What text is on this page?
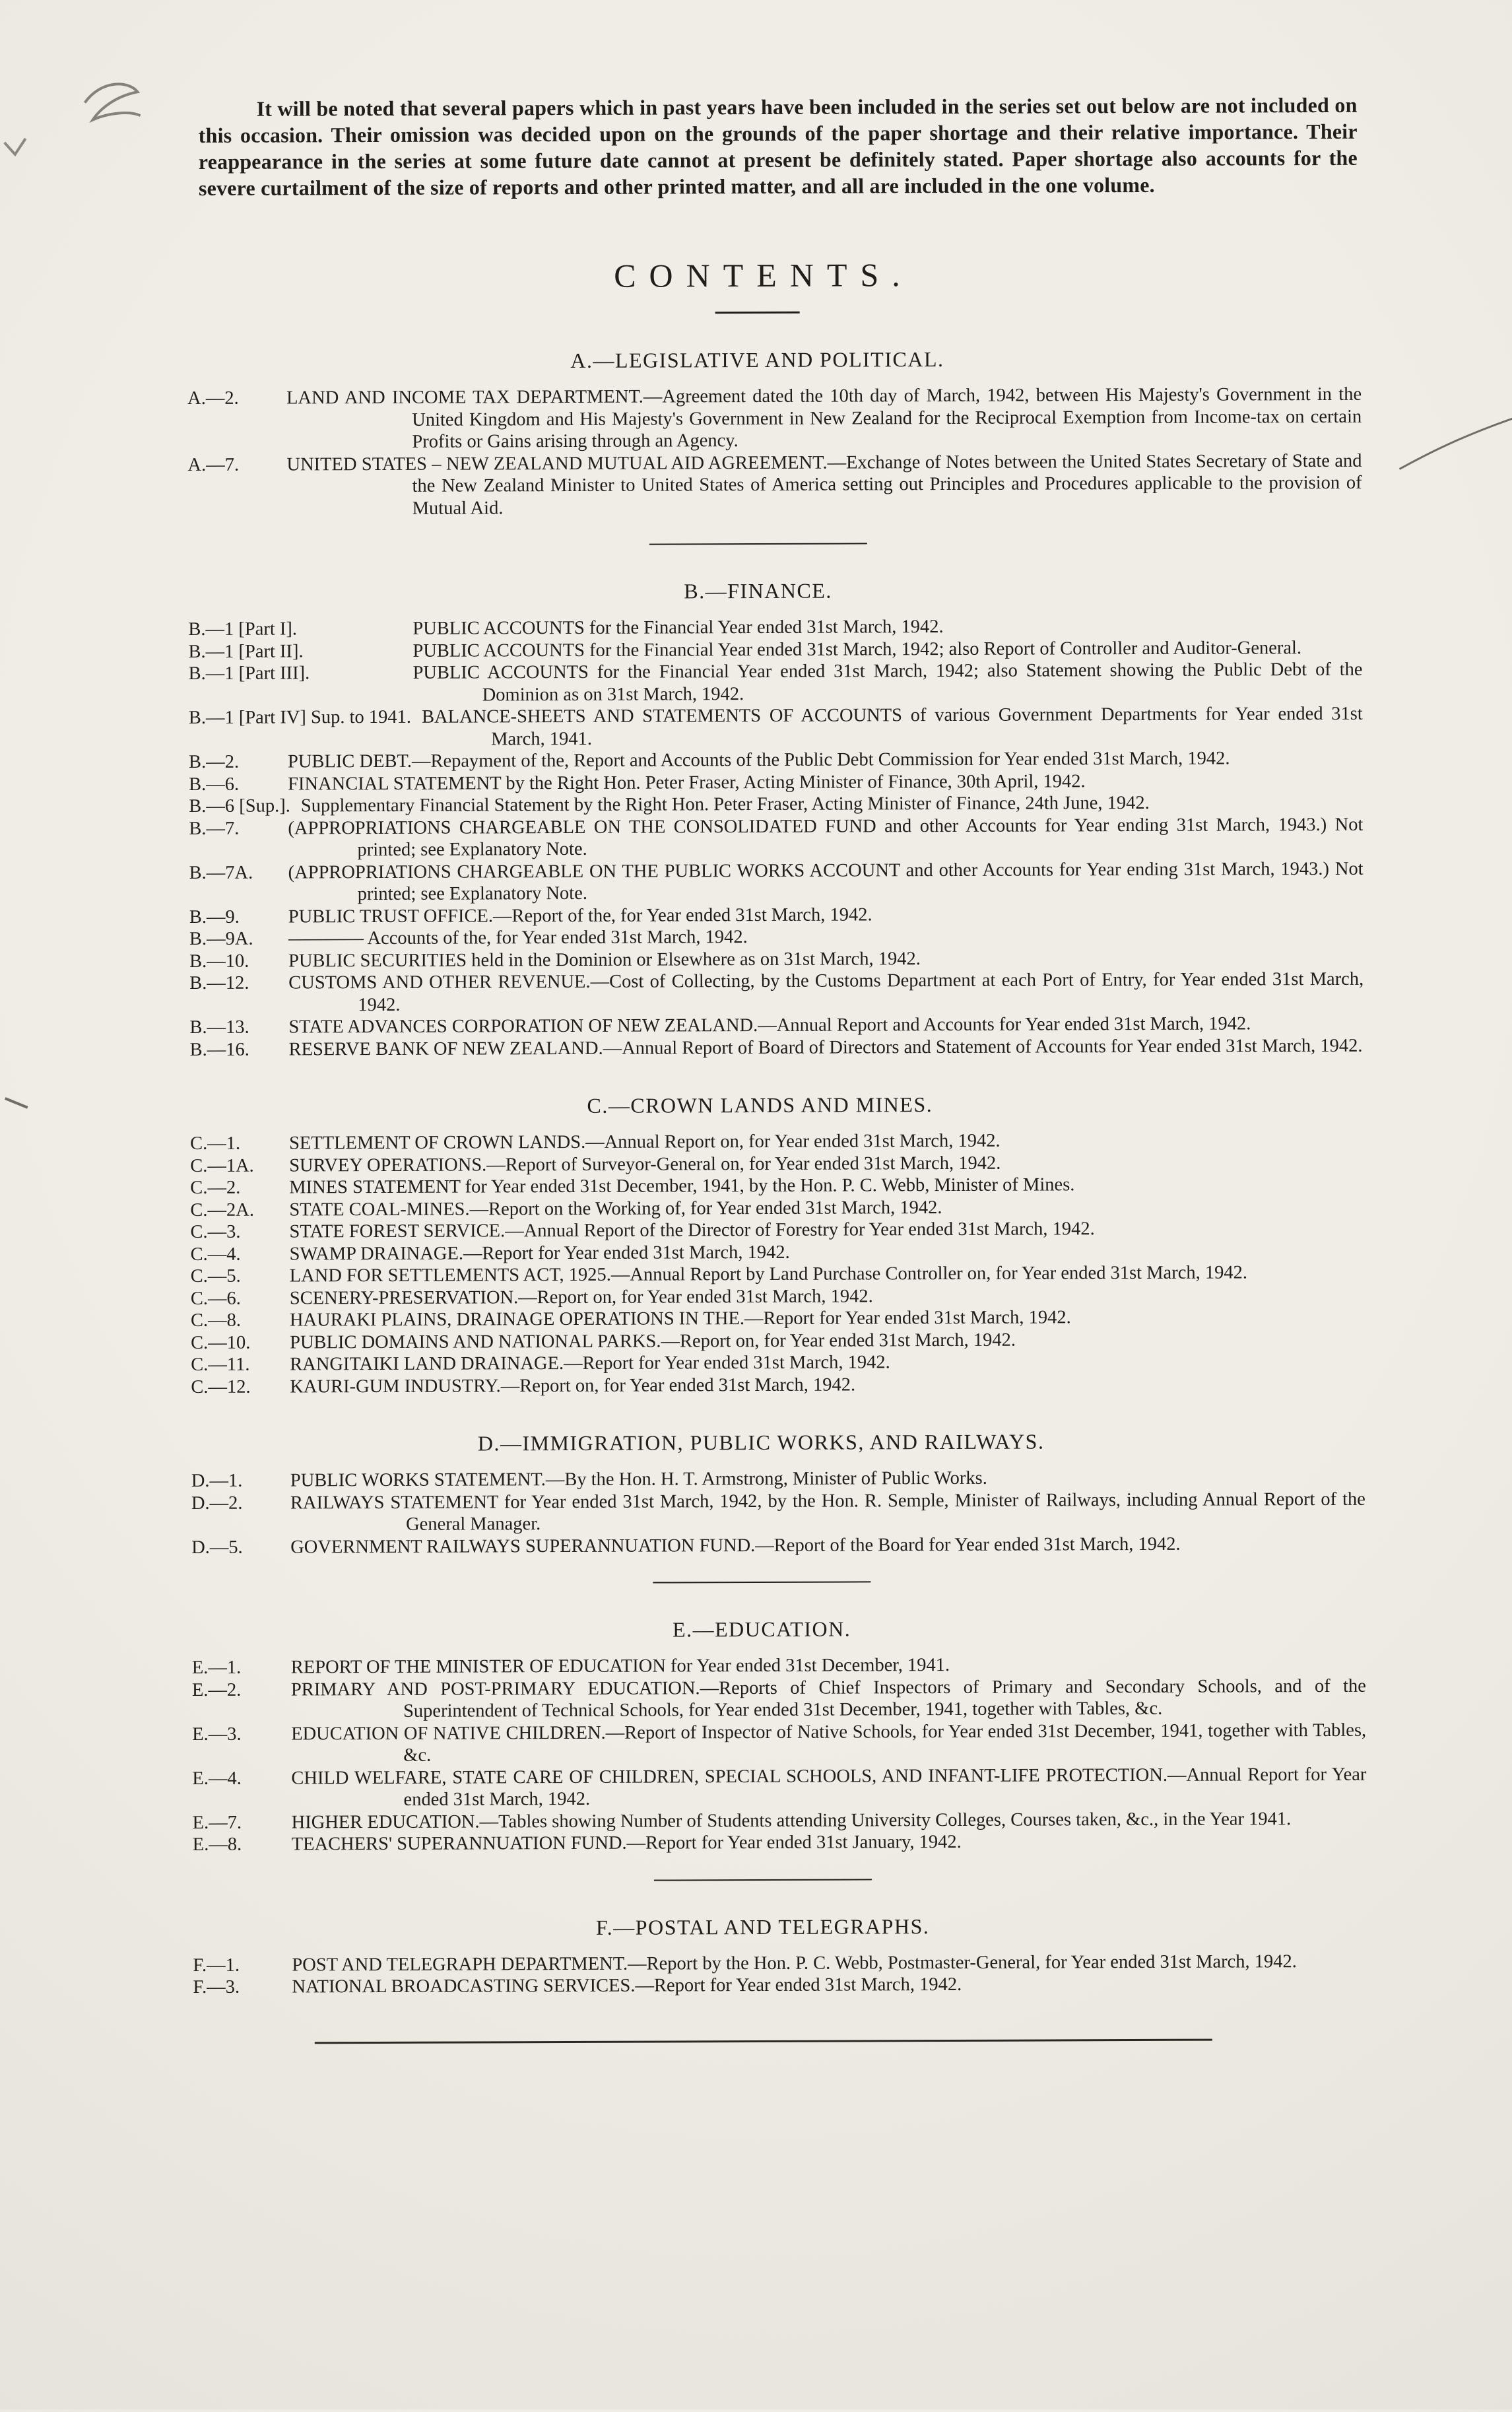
It will be noted that several papers which in past years have been included in the series set out below are not included on this occasion. Their omission was decided upon on the grounds of the paper shortage and their relative importance. Their reappearance in the series at some future date cannot at present be definitely stated. Paper shortage also accounts for the severe curtailment of the size of reports and other printed matter, and all are included in the one volume.
CONTENTS.
A.—LEGISLATIVE AND POLITICAL.
A.—2.	LAND AND INCOME TAX DEPARTMENT.—Agreement dated the 10th day of March, 1942, between His Majesty's Government in the United Kingdom and His Majesty's Government in New Zealand for the Reciprocal Exemption from Income-tax on certain Profits or Gains arising through an Agency.
A.—7.	UNITED STATES – NEW ZEALAND MUTUAL AID AGREEMENT.—Exchange of Notes between the United States Secretary of State and the New Zealand Minister to United States of America setting out Principles and Procedures applicable to the provision of Mutual Aid.
B.—FINANCE.
B.—1 [Part I].	PUBLIC ACCOUNTS for the Financial Year ended 31st March, 1942.
B.—1 [Part II].	PUBLIC ACCOUNTS for the Financial Year ended 31st March, 1942; also Report of Controller and Auditor-General.
B.—1 [Part III].	PUBLIC ACCOUNTS for the Financial Year ended 31st March, 1942; also Statement showing the Public Debt of the Dominion as on 31st March, 1942.
B.—1 [Part IV] Sup. to 1941. BALANCE-SHEETS AND STATEMENTS OF ACCOUNTS of various Government Departments for Year ended 31st March, 1941.
B.—2.	PUBLIC DEBT.—Repayment of the, Report and Accounts of the Public Debt Commission for Year ended 31st March, 1942.
B.—6.	FINANCIAL STATEMENT by the Right Hon. Peter Fraser, Acting Minister of Finance, 30th April, 1942.
B.—6 [Sup.]. Supplementary Financial Statement by the Right Hon. Peter Fraser, Acting Minister of Finance, 24th June, 1942.
B.—7.	(APPROPRIATIONS CHARGEABLE ON THE CONSOLIDATED FUND and other Accounts for Year ending 31st March, 1943.) Not printed; see Explanatory Note.
B.—7A.	(APPROPRIATIONS CHARGEABLE ON THE PUBLIC WORKS ACCOUNT and other Accounts for Year ending 31st March, 1943.) Not printed; see Explanatory Note.
B.—9.	PUBLIC TRUST OFFICE.—Report of the, for Year ended 31st March, 1942.
B.—9A.	———— Accounts of the, for Year ended 31st March, 1942.
B.—10.	PUBLIC SECURITIES held in the Dominion or Elsewhere as on 31st March, 1942.
B.—12.	CUSTOMS AND OTHER REVENUE.—Cost of Collecting, by the Customs Department at each Port of Entry, for Year ended 31st March, 1942.
B.—13.	STATE ADVANCES CORPORATION OF NEW ZEALAND.—Annual Report and Accounts for Year ended 31st March, 1942.
B.—16.	RESERVE BANK OF NEW ZEALAND.—Annual Report of Board of Directors and Statement of Accounts for Year ended 31st March, 1942.
C.—CROWN LANDS AND MINES.
C.—1.	SETTLEMENT OF CROWN LANDS.—Annual Report on, for Year ended 31st March, 1942.
C.—1A.	SURVEY OPERATIONS.—Report of Surveyor-General on, for Year ended 31st March, 1942.
C.—2.	MINES STATEMENT for Year ended 31st December, 1941, by the Hon. P. C. Webb, Minister of Mines.
C.—2A.	STATE COAL-MINES.—Report on the Working of, for Year ended 31st March, 1942.
C.—3.	STATE FOREST SERVICE.—Annual Report of the Director of Forestry for Year ended 31st March, 1942.
C.—4.	SWAMP DRAINAGE.—Report for Year ended 31st March, 1942.
C.—5.	LAND FOR SETTLEMENTS ACT, 1925.—Annual Report by Land Purchase Controller on, for Year ended 31st March, 1942.
C.—6.	SCENERY-PRESERVATION.—Report on, for Year ended 31st March, 1942.
C.—8.	HAURAKI PLAINS, DRAINAGE OPERATIONS IN THE.—Report for Year ended 31st March, 1942.
C.—10.	PUBLIC DOMAINS AND NATIONAL PARKS.—Report on, for Year ended 31st March, 1942.
C.—11.	RANGITAIKI LAND DRAINAGE.—Report for Year ended 31st March, 1942.
C.—12.	KAURI-GUM INDUSTRY.—Report on, for Year ended 31st March, 1942.
D.—IMMIGRATION, PUBLIC WORKS, AND RAILWAYS.
D.—1.	PUBLIC WORKS STATEMENT.—By the Hon. H. T. Armstrong, Minister of Public Works.
D.—2.	RAILWAYS STATEMENT for Year ended 31st March, 1942, by the Hon. R. Semple, Minister of Railways, including Annual Report of the General Manager.
D.—5.	GOVERNMENT RAILWAYS SUPERANNUATION FUND.—Report of the Board for Year ended 31st March, 1942.
E.—EDUCATION.
E.—1.	REPORT OF THE MINISTER OF EDUCATION for Year ended 31st December, 1941.
E.—2.	PRIMARY AND POST-PRIMARY EDUCATION.—Reports of Chief Inspectors of Primary and Secondary Schools, and of the Superintendent of Technical Schools, for Year ended 31st December, 1941, together with Tables, &c.
E.—3.	EDUCATION OF NATIVE CHILDREN.—Report of Inspector of Native Schools, for Year ended 31st December, 1941, together with Tables, &c.
E.—4.	CHILD WELFARE, STATE CARE OF CHILDREN, SPECIAL SCHOOLS, AND INFANT-LIFE PROTECTION.—Annual Report for Year ended 31st March, 1942.
E.—7.	HIGHER EDUCATION.—Tables showing Number of Students attending University Colleges, Courses taken, &c., in the Year 1941.
E.—8.	TEACHERS' SUPERANNUATION FUND.—Report for Year ended 31st January, 1942.
F.—POSTAL AND TELEGRAPHS.
F.—1.	POST AND TELEGRAPH DEPARTMENT.—Report by the Hon. P. C. Webb, Postmaster-General, for Year ended 31st March, 1942.
F.—3.	NATIONAL BROADCASTING SERVICES.—Report for Year ended 31st March, 1942.
